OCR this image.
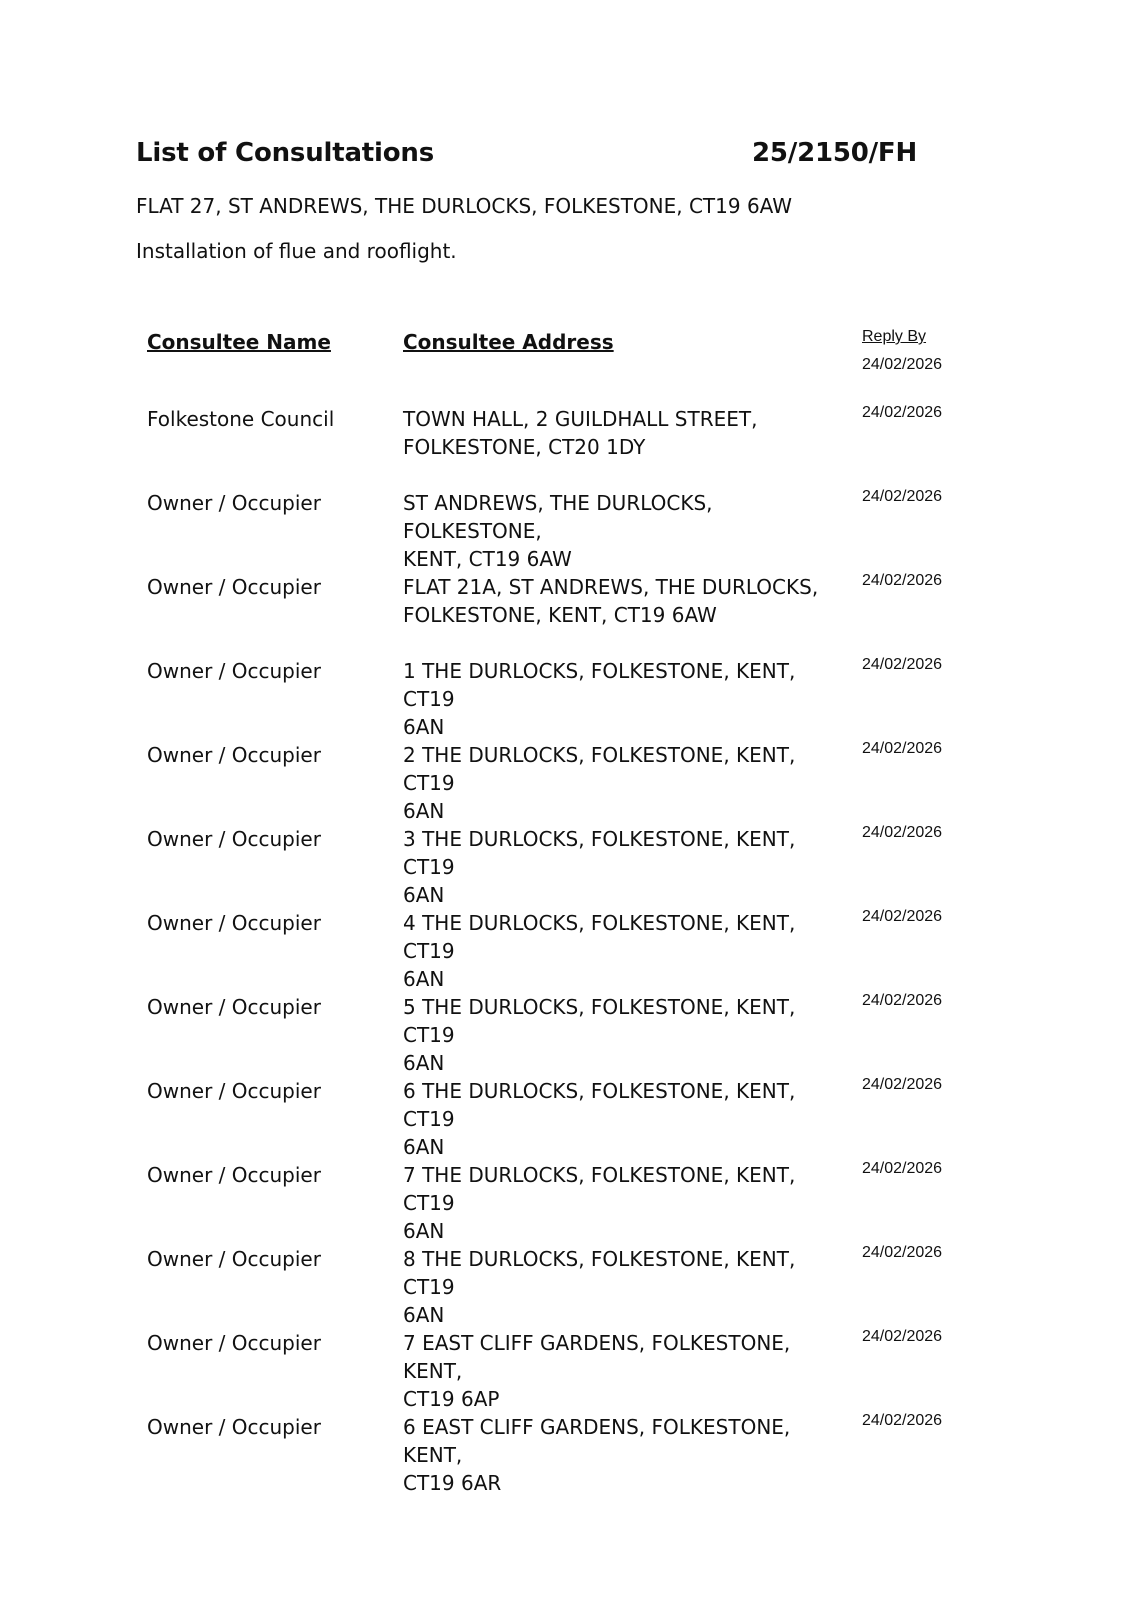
List of Consultations	25/2150/FH
FLAT 27, ST ANDREWS, THE DURLOCKS, FOLKESTONE, CT19 6AW
Installation of flue and rooflight.
Consultee Name	Consultee Address	Reply By
24/02/2026
Folkestone Council	TOWN HALL, 2 GUILDHALL STREET,
FOLKESTONE, CT20 1DY
24/02/2026
Owner / Occupier	ST ANDREWS, THE DURLOCKS, FOLKESTONE,
KENT, CT19 6AW
24/02/2026
Owner / Occupier	FLAT 21A, ST ANDREWS, THE DURLOCKS,
FOLKESTONE, KENT, CT19 6AW
24/02/2026
Owner / Occupier	1 THE DURLOCKS, FOLKESTONE, KENT, CT19
6AN
24/02/2026
Owner / Occupier	2 THE DURLOCKS, FOLKESTONE, KENT, CT19
6AN
24/02/2026
Owner / Occupier	3 THE DURLOCKS, FOLKESTONE, KENT, CT19
6AN
24/02/2026
Owner / Occupier	4 THE DURLOCKS, FOLKESTONE, KENT, CT19
6AN
24/02/2026
Owner / Occupier	5 THE DURLOCKS, FOLKESTONE, KENT, CT19
6AN
24/02/2026
Owner / Occupier	6 THE DURLOCKS, FOLKESTONE, KENT, CT19
6AN
24/02/2026
Owner / Occupier	7 THE DURLOCKS, FOLKESTONE, KENT, CT19
6AN
24/02/2026
Owner / Occupier	8 THE DURLOCKS, FOLKESTONE, KENT, CT19
6AN
24/02/2026
Owner / Occupier	7 EAST CLIFF GARDENS, FOLKESTONE, KENT,
CT19 6AP
24/02/2026
Owner / Occupier	6 EAST CLIFF GARDENS, FOLKESTONE, KENT,
CT19 6AR
24/02/2026
